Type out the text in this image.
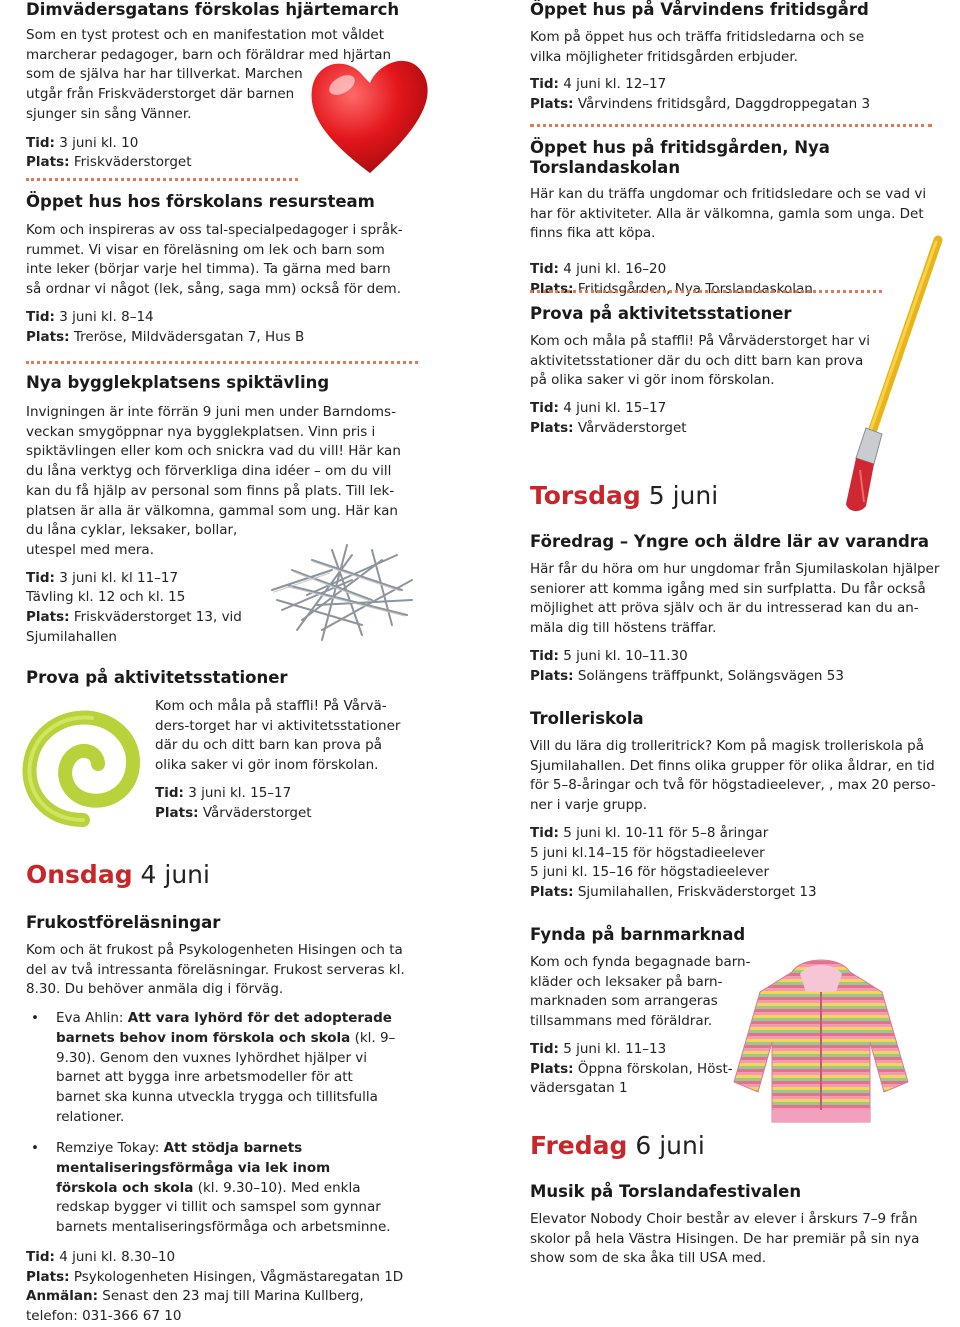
Dimvädersgatans förskolas hjärtemarch

Som en tyst protest och en manifestation mot våldet

marcherar pedagoger, barn och föräldrar med hjärtan

som de själva har har tillverkat. Marchen

utgår från Friskväderstorget där barnen

sjunger sin sång Vänner.

Tid: 3 juni kl. 10

Plats: Friskväderstorget

Öppet hus hos förskolans resursteam

Kom och inspireras av oss tal-specialpedagoger i språk-

rummet. Vi visar en föreläsning om lek och barn som

inte leker (börjar varje hel timma). Ta gärna med barn

så ordnar vi något (lek, sång, saga mm) också för dem.

Tid: 3 juni kl. 8–14

Plats: Treröse, Mildvädersgatan 7, Hus B

Nya bygglekplatsens spiktävling

Invigningen är inte förrän 9 juni men under Barndoms-

veckan smygöppnar nya bygglekplatsen. Vinn pris i

spiktävlingen eller kom och snickra vad du vill! Här kan

du låna verktyg och förverkliga dina idéer – om du vill

kan du få hjälp av personal som finns på plats. Till lek-

platsen är alla är välkomna, gammal som ung. Här kan

du låna cyklar, leksaker, bollar,

utespel med mera.

Tid: 3 juni kl. kl 11–17

Tävling kl. 12 och kl. 15

Plats: Friskväderstorget 13, vid

Sjumilahallen

Prova på aktivitetsstationer

Kom och måla på staffli! På Vårvä-

ders-torget har vi aktivitetsstationer

där du och ditt barn kan prova på

olika saker vi gör inom förskolan.

Tid: 3 juni kl. 15–17

Plats: Vårväderstorget

Onsdag 4 juni
Frukostföreläsningar

Kom och ät frukost på Psykologenheten Hisingen och ta

del av två intressanta föreläsningar. Frukost serveras kl.

8.30. Du behöver anmäla dig i förväg.

• Eva Ahlin: Att vara lyhörd för det adopterade barnets behov inom förskola och skola (kl. 9–9.30). Genom den vuxnes lyhördhet hjälper vi barnet att bygga inre arbetsmodeller för att barnet ska kunna utveckla trygga och tillitsfulla relationer.
• Remziye Tokay: Att stödja barnets mentaliseringsförmåga via lek inom förskola och skola (kl. 9.30–10). Med enkla redskap bygger vi tillit och samspel som gynnar barnets mentaliseringsförmåga och arbetsminne.

Tid: 4 juni kl. 8.30–10

Plats: Psykologenheten Hisingen, Vågmästaregatan 1D

Anmälan: Senast den 23 maj till Marina Kullberg,

telefon: 031-366 67 10

Öppet hus på Vårvindens fritidsgård

Kom på öppet hus och träffa fritidsledarna och se

vilka möjligheter fritidsgården erbjuder.

Tid: 4 juni kl. 12–17

Plats: Vårvindens fritidsgård, Daggdroppegatan 3

Öppet hus på fritidsgården, Nya Torslandaskolan

Här kan du träffa ungdomar och fritidsledare och se vad vi

har för aktiviteter. Alla är välkomna, gamla som unga. Det

finns fika att köpa.

Tid: 4 juni kl. 16–20

Plats: Fritidsgården, Nya Torslandaskolan

Prova på aktivitetsstationer

Kom och måla på staffli! På Vårväderstorget har vi

aktivitetsstationer där du och ditt barn kan prova

på olika saker vi gör inom förskolan.

Tid: 4 juni kl. 15–17

Plats: Vårväderstorget

Torsdag 5 juni
Föredrag – Yngre och äldre lär av varandra

Här får du höra om hur ungdomar från Sjumilaskolan hjälper

seniorer att komma igång med sin surfplatta. Du får också

möjlighet att pröva själv och är du intresserad kan du an-

mäla dig till höstens träffar.

Tid: 5 juni kl. 10–11.30

Plats: Solängens träffpunkt, Solängsvägen 53

Trolleriskola

Vill du lära dig trolleritrick? Kom på magisk trolleriskola på

Sjumilahallen. Det finns olika grupper för olika åldrar, en tid

för 5–8-åringar och två för högstadieelever, , max 20 perso-

ner i varje grupp.

Tid: 5 juni kl. 10-11 för 5–8 åringar

5 juni kl.14–15 för högstadieelever

5 juni kl. 15–16 för högstadieelever

Plats: Sjumilahallen, Friskväderstorget 13

Fynda på barnmarknad

Kom och fynda begagnade barn-

kläder och leksaker på barn-

marknaden som arrangeras

tillsammans med föräldrar.

Tid: 5 juni kl. 11–13

Plats: Öppna förskolan, Höst-

vädersgatan 1

Fredag 6 juni
Musik på Torslandafestivalen

Elevator Nobody Choir består av elever i årskurs 7–9 från

skolor på hela Västra Hisingen. De har premiär på sin nya

show som de ska åka till USA med.
